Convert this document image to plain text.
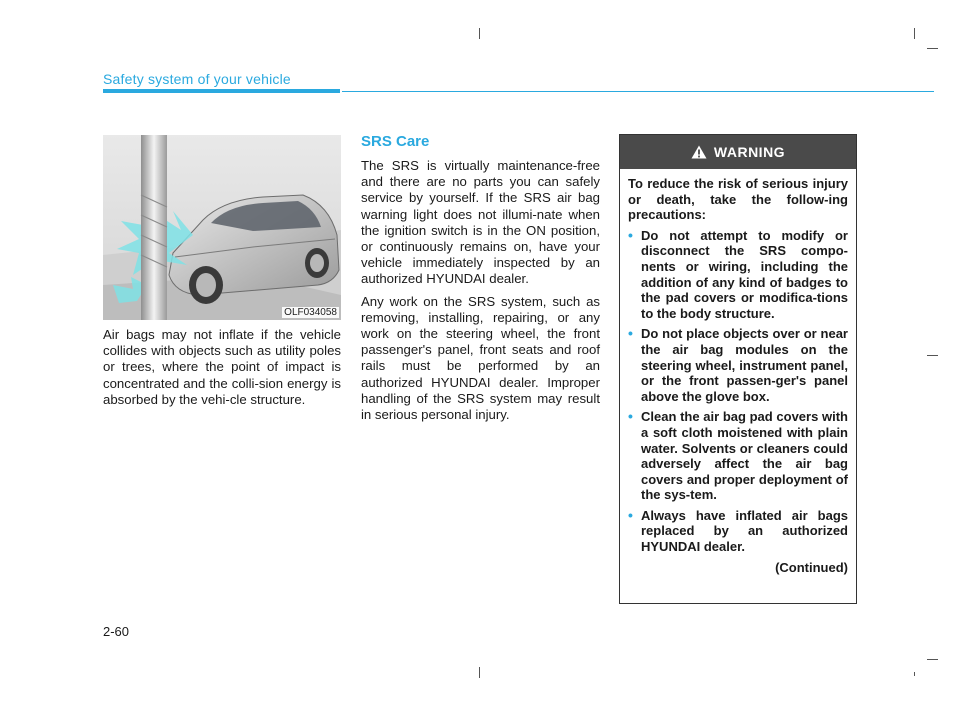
Safety system of your vehicle
OLF034058
Air bags may not inflate if the vehicle collides with objects such as utility poles or trees, where the point of impact is concentrated and the colli-sion energy is absorbed by the vehi-cle structure.
SRS Care

The SRS is virtually maintenance-free and there are no parts you can safely service by yourself. If the SRS air bag warning light does not illumi-nate when the ignition switch is in the ON position, or continuously remains on, have your vehicle immediately inspected by an authorized HYUNDAI dealer.

Any work on the SRS system, such as removing, installing, repairing, or any work on the steering wheel, the front passenger's panel, front seats and roof rails must be performed by an authorized HYUNDAI dealer. Improper handling of the SRS system may result in serious personal injury.

WARNING

To reduce the risk of serious injury or death, take the follow-ing precautions:

• Do not attempt to modify or disconnect the SRS compo-nents or wiring, including the addition of any kind of badges to the pad covers or modifica-tions to the body structure.
• Do not place objects over or near the air bag modules on the steering wheel, instrument panel, or the front passen-ger's panel above the glove box.
• Clean the air bag pad covers with a soft cloth moistened with plain water. Solvents or cleaners could adversely affect the air bag covers and proper deployment of the sys-tem.
• Always have inflated air bags replaced by an authorized HYUNDAI dealer.
(Continued)
2-60
